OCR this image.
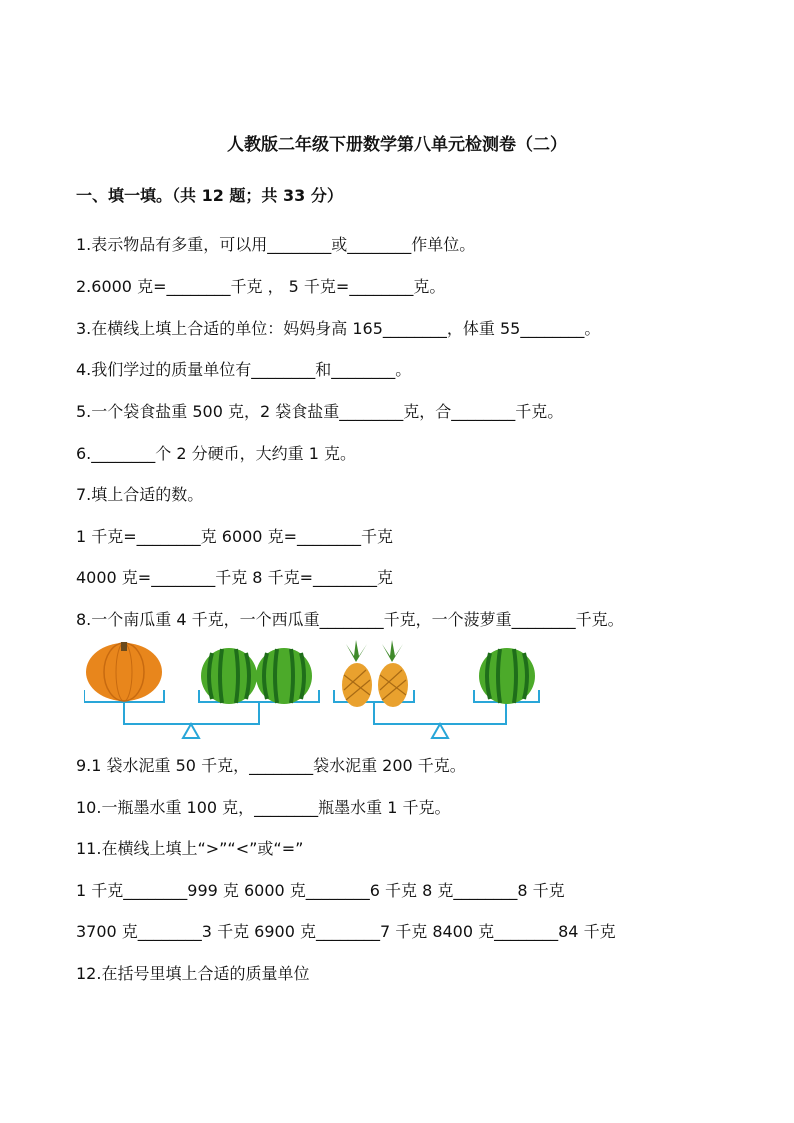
人教版二年级下册数学第八单元检测卷（二）
一、填一填。（共 12 题；共 33 分）
1.表示物品有多重，可以用________或________作单位。
2.6000 克=________千克 ， 5 千克=________克。
3.在横线上填上合适的单位：妈妈身高 165________，体重 55________。
4.我们学过的质量单位有________和________。
5.一个袋食盐重 500 克，2 袋食盐重________克，合________千克。
6.________个 2 分硬币，大约重 1 克。
7.填上合适的数。
1 千克=________克 6000 克=________千克
4000 克=________千克 8 千克=________克
8.一个南瓜重 4 千克，一个西瓜重________千克，一个菠萝重________千克。
9.1 袋水泥重 50 千克，________袋水泥重 200 千克。
10.一瓶墨水重 100 克，________瓶墨水重 1 千克。
11.在横线上填上“>”“<”或“=”
1 千克________999 克 6000 克________6 千克 8 克________8 千克
3700 克________3 千克 6900 克________7 千克 8400 克________84 千克
12.在括号里填上合适的质量单位
